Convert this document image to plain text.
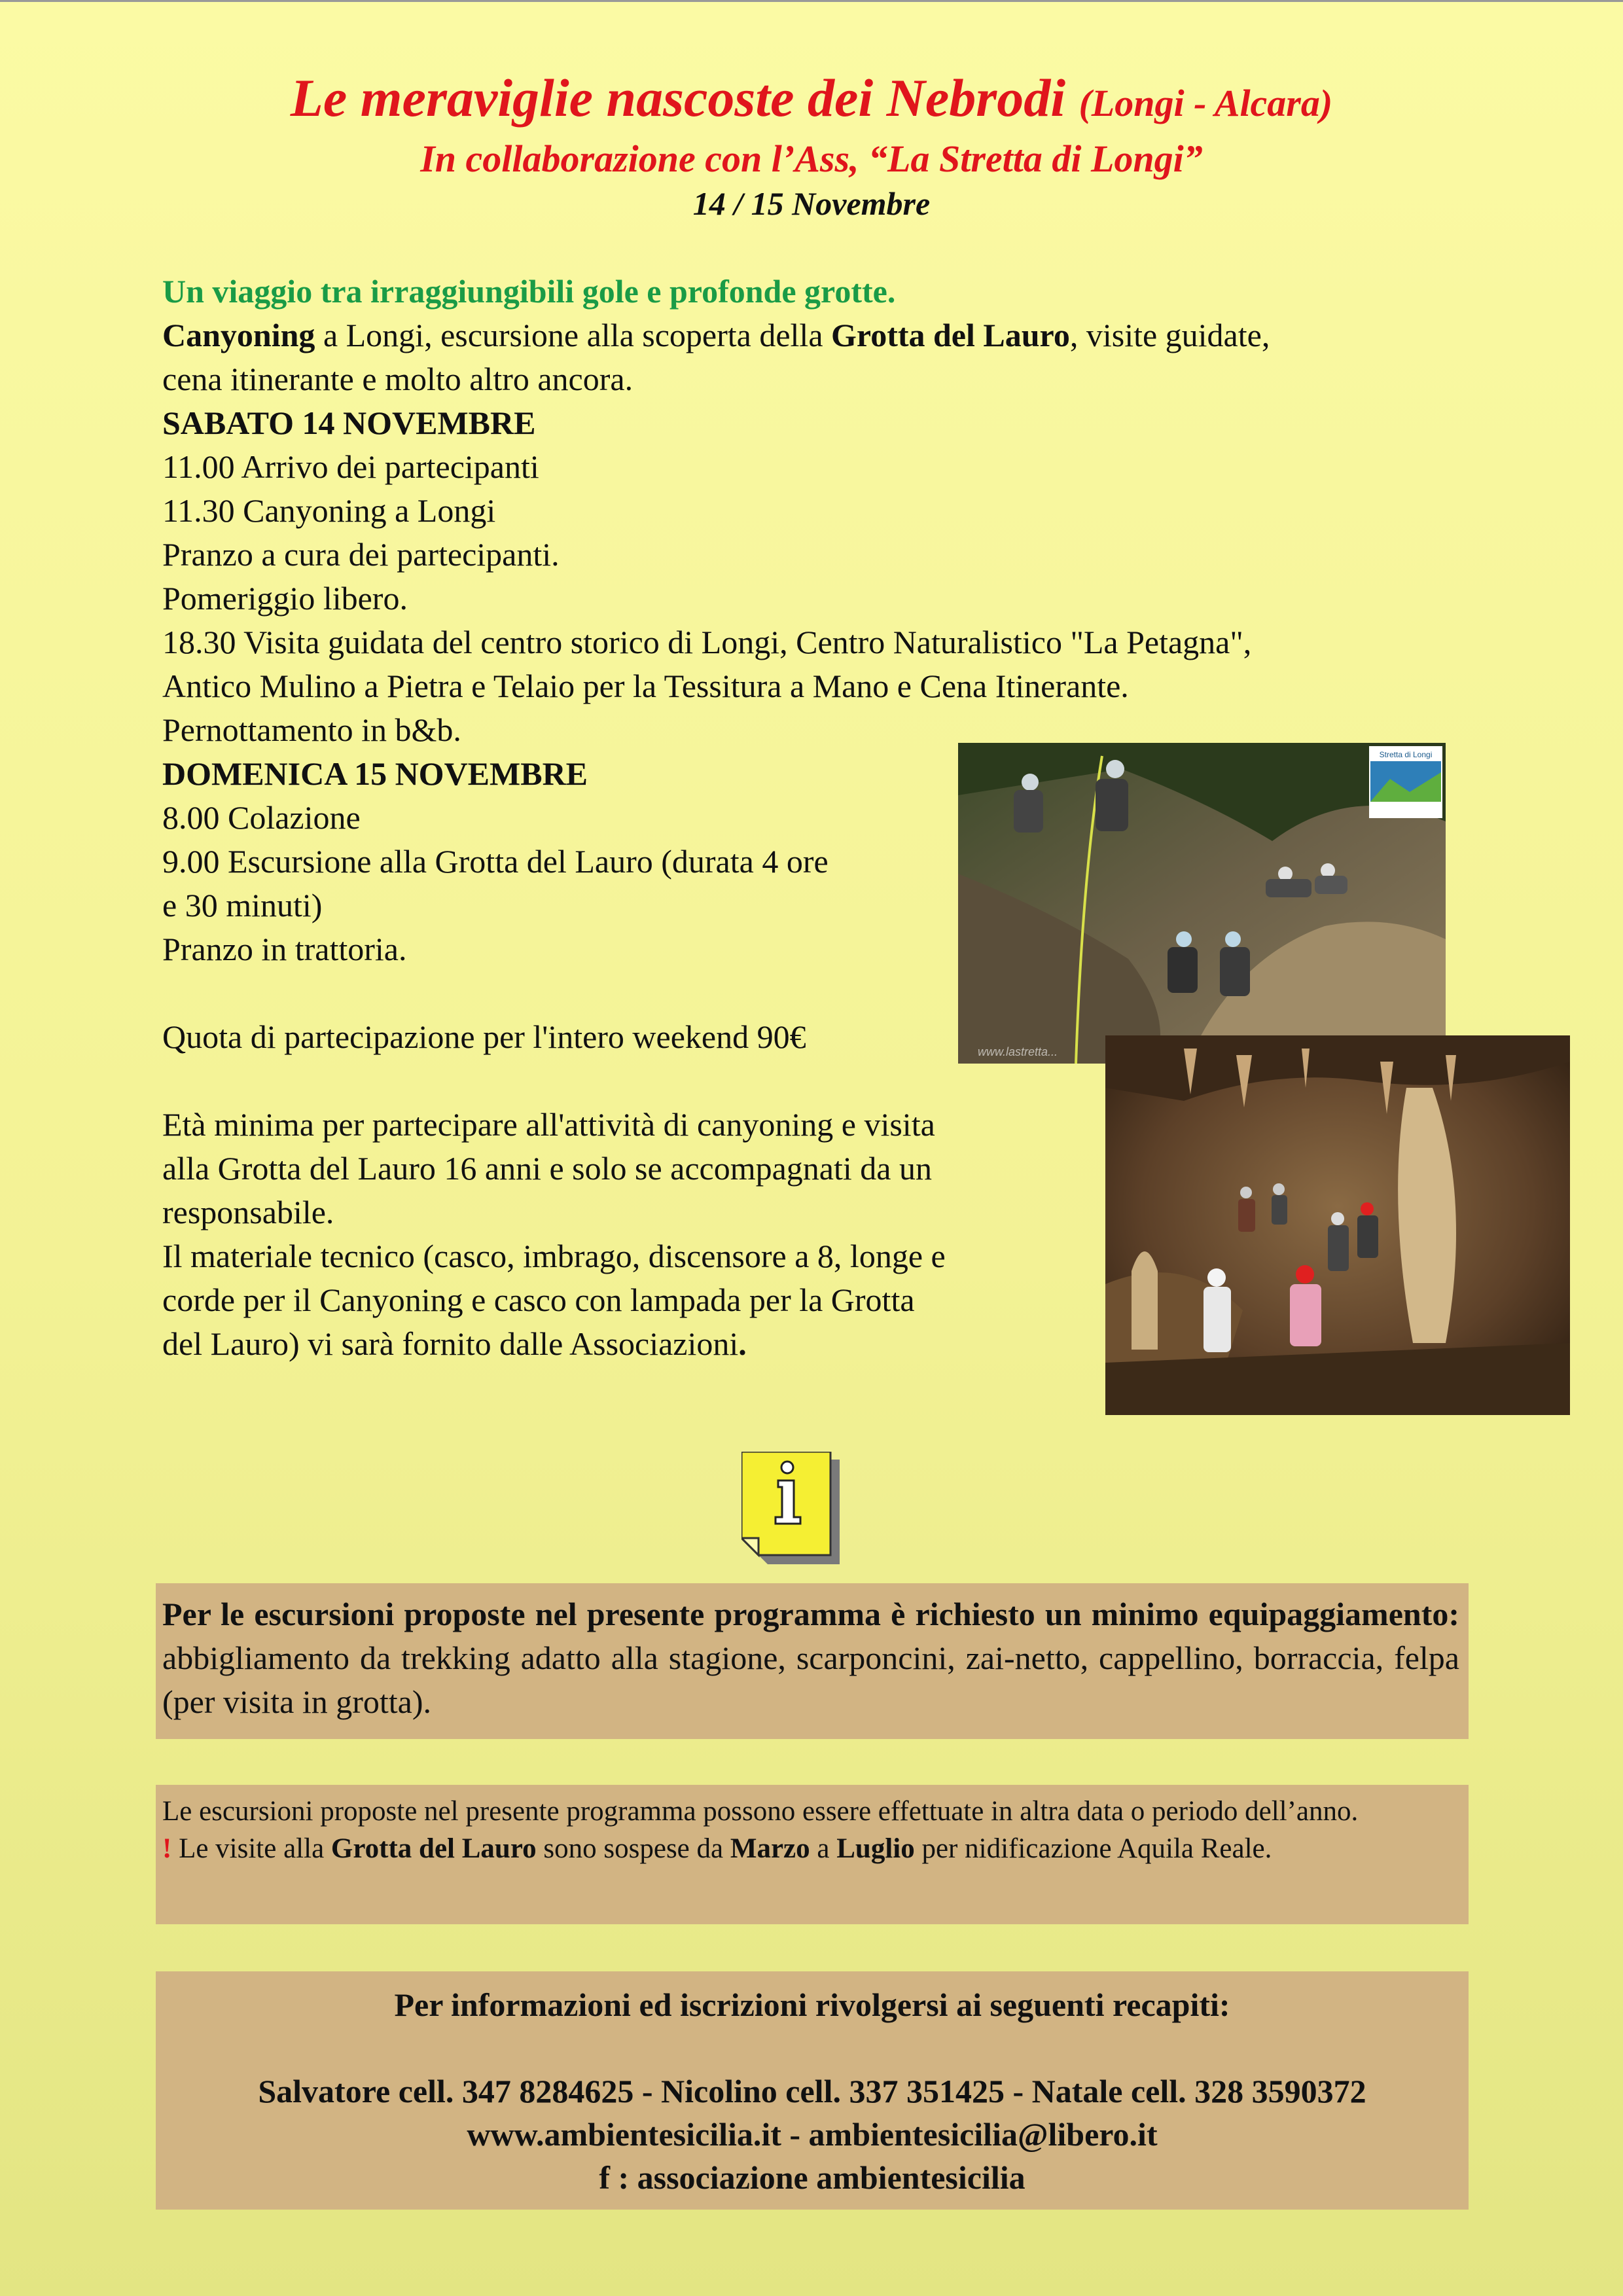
Le meraviglie nascoste dei Nebrodi (Longi - Alcara)
In collaborazione con l’Ass, “La Stretta di Longi”
14 / 15 Novembre

Un viaggio tra irraggiungibili gole e profonde grotte.

Canyoning a Longi, escursione alla scoperta della Grotta del Lauro, visite guidate,

cena itinerante e molto altro ancora.

SABATO 14 NOVEMBRE

11.00 Arrivo dei partecipanti

11.30 Canyoning a Longi

Pranzo a cura dei partecipanti.

Pomeriggio libero.

18.30 Visita guidata del centro storico di Longi, Centro Naturalistico "La Petagna",

Antico Mulino a Pietra e Telaio per la Tessitura a Mano e Cena Itinerante.

Pernottamento in b&b.

DOMENICA 15 NOVEMBRE

8.00 Colazione

9.00 Escursione alla Grotta del Lauro (durata 4 ore

e 30 minuti)

Pranzo in trattoria.

Quota di partecipazione per l'intero weekend 90€

Età minima per partecipare all'attività di canyoning e visita

alla Grotta del Lauro 16 anni e solo se accompagnati da un

responsabile.

Il materiale tecnico (casco, imbrago, discensore a 8, longe e

corde per il Canyoning e casco con lampada per la Grotta

del Lauro) vi sarà fornito dalle Associazioni.

Stretta di Longi
www.lastretta...
Per le escursioni proposte nel presente programma è richiesto un minimo equipaggiamento: abbigliamento da trekking adatto alla stagione, scarponcini, zai-netto, cappellino, borraccia, felpa (per visita in grotta).
Le escursioni proposte nel presente programma possono essere effettuate in altra data o periodo dell’anno.
! Le visite alla Grotta del Lauro sono sospese da Marzo a Luglio per nidificazione Aquila Reale.
Per informazioni ed iscrizioni rivolgersi ai seguenti recapiti:
Salvatore cell. 347 8284625 - Nicolino cell. 337 351425 - Natale cell. 328 3590372
www.ambientesicilia.it - ambientesicilia@libero.it
f : associazione ambientesicilia
